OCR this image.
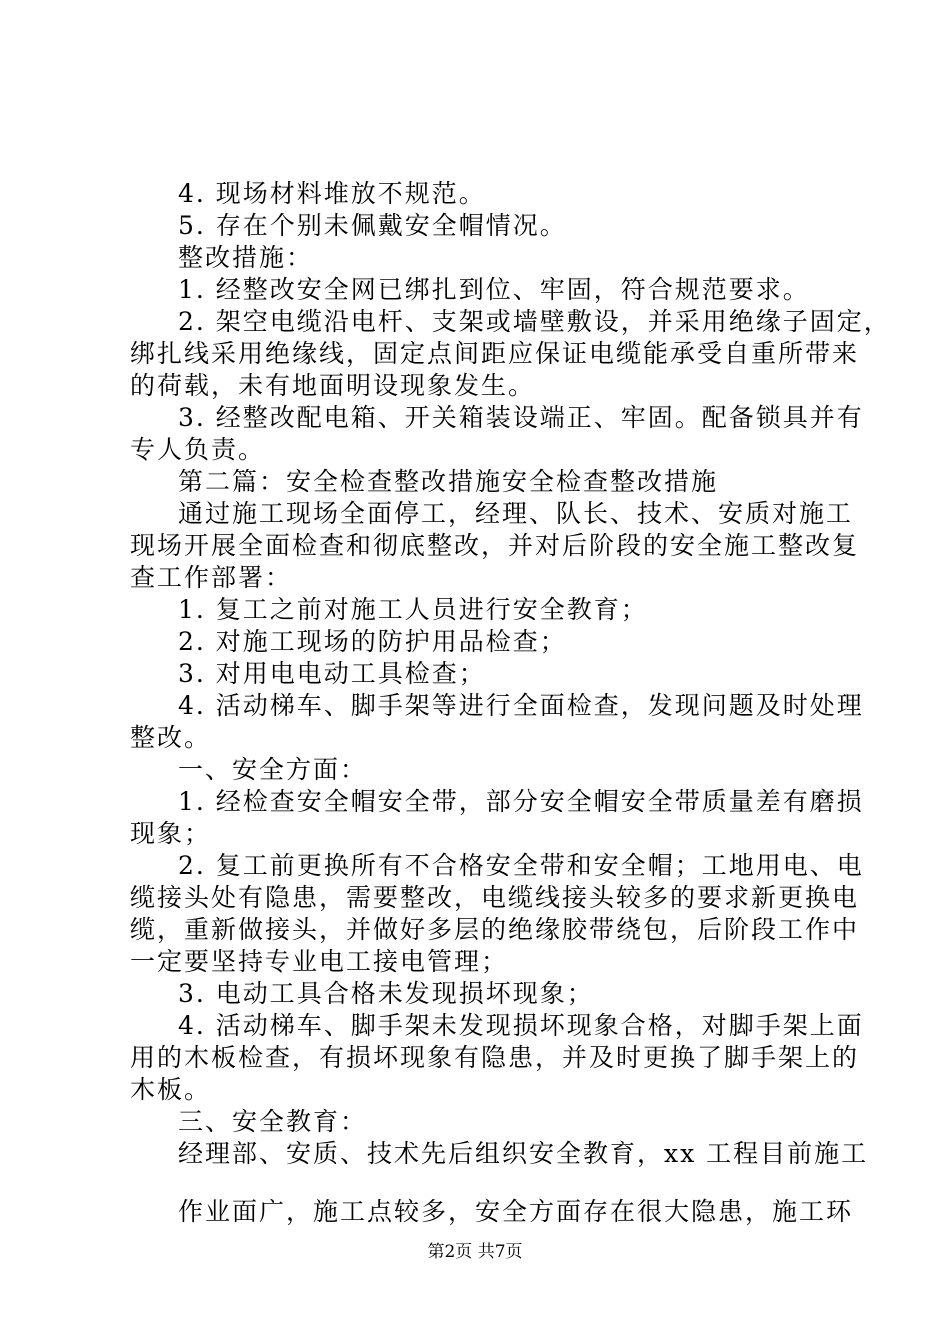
4. 现场材料堆放不规范。
5. 存在个别未佩戴安全帽情况。
整改措施：
1. 经整改安全网已绑扎到位、牢固，符合规范要求。
2. 架空电缆沿电杆、支架或墙壁敷设，并采用绝缘子固定，
绑扎线采用绝缘线，固定点间距应保证电缆能承受自重所带来
的荷载，未有地面明设现象发生。
3. 经整改配电箱、开关箱装设端正、牢固。配备锁具并有
专人负责。
第二篇：安全检查整改措施安全检查整改措施
通过施工现场全面停工，经理、队长、技术、安质对施工
现场开展全面检查和彻底整改，并对后阶段的安全施工整改复
查工作部署：
1. 复工之前对施工人员进行安全教育；
2. 对施工现场的防护用品检查；
3. 对用电电动工具检查；
4. 活动梯车、脚手架等进行全面检查，发现问题及时处理
整改。
一、安全方面：
1. 经检查安全帽安全带，部分安全帽安全带质量差有磨损
现象；
2. 复工前更换所有不合格安全带和安全帽；工地用电、电
缆接头处有隐患，需要整改，电缆线接头较多的要求新更换电
缆，重新做接头，并做好多层的绝缘胶带绕包，后阶段工作中
一定要坚持专业电工接电管理；
3. 电动工具合格未发现损坏现象；
4. 活动梯车、脚手架未发现损坏现象合格，对脚手架上面
用的木板检查，有损坏现象有隐患，并及时更换了脚手架上的
木板。
三、安全教育：
经理部、安质、技术先后组织安全教育，xx 工程目前施工
作业面广，施工点较多，安全方面存在很大隐患，施工环
第2页 共7页
